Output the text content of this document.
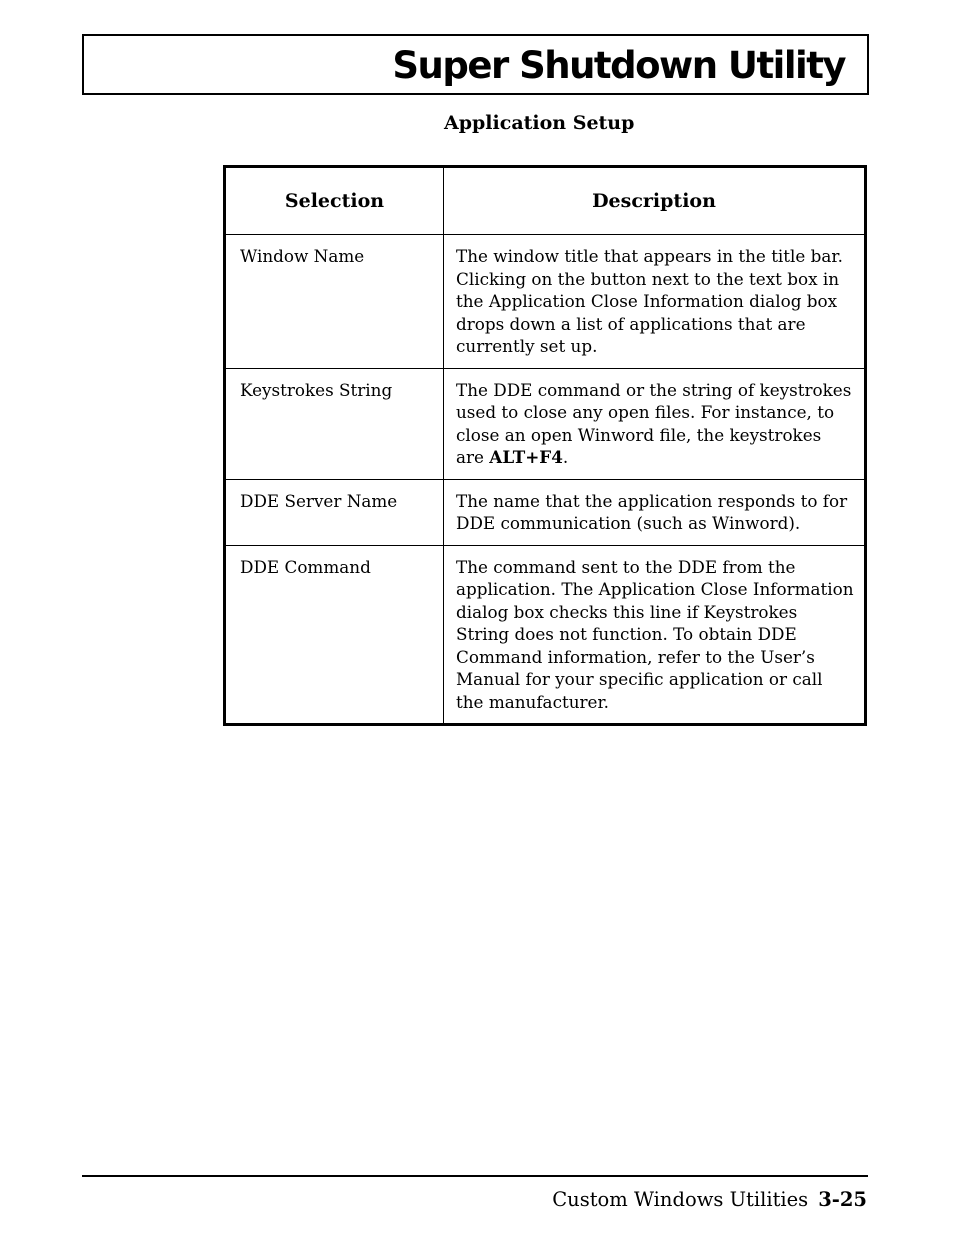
Super Shutdown Utility
Application Setup
Selection	Description
Window Name	The window title that appears in the title bar. Clicking on the button next to the text box in the Application Close Information dialog box drops down a list of applications that are currently set up.
Keystrokes String	The DDE command or the string of keystrokes used to close any open files. For instance, to close an open Winword file, the keystrokes are ALT+F4.
DDE Server Name	The name that the application responds to for DDE communication (such as Winword).
DDE Command	The command sent to the DDE from the application. The Application Close Information dialog box checks this line if Keystrokes String does not function. To obtain DDE Command information, refer to the User’s Manual for your specific application or call the manufacturer.
Custom Windows Utilities 3-25
